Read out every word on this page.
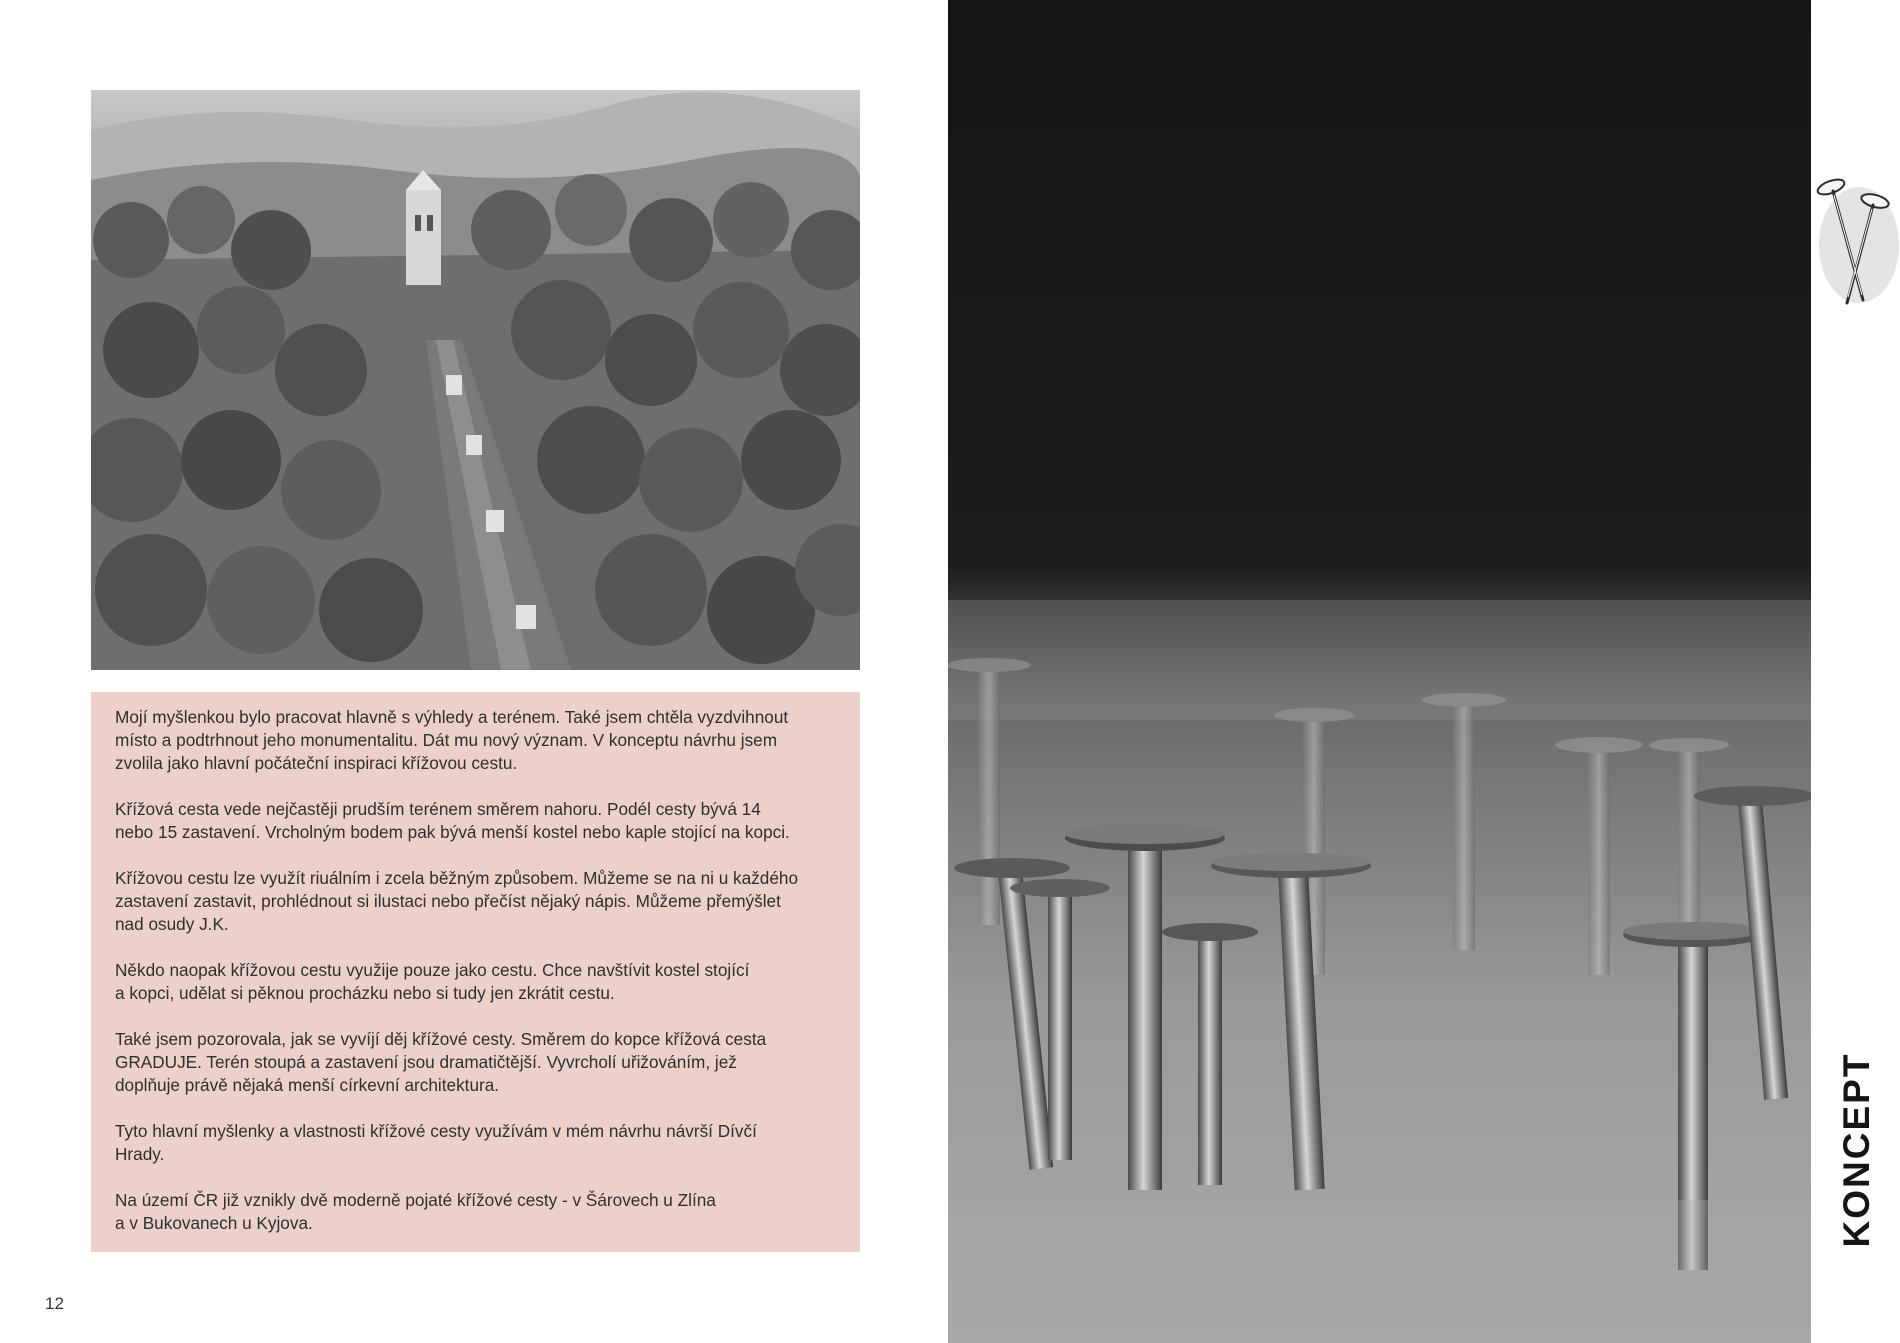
Mojí myšlenkou bylo pracovat hlavně s výhledy a terénem. Také jsem chtěla vyzdvihnout
místo a podtrhnout jeho monumentalitu. Dát mu nový význam. V konceptu návrhu jsem
zvolila jako hlavní počáteční inspiraci křížovou cestu.

Křížová cesta vede nejčastěji prudším terénem směrem nahoru. Podél cesty bývá 14
nebo 15 zastavení. Vrcholným bodem pak bývá menší kostel nebo kaple stojící na kopci.

Křížovou cestu lze využít riuálním i zcela běžným způsobem. Můžeme se na ni u každého
zastavení zastavit, prohlédnout si ilustaci nebo přečíst nějaký nápis. Můžeme přemýšlet
nad osudy J.K.

Někdo naopak křížovou cestu využije pouze jako cestu. Chce navštívit kostel stojící
a kopci, udělat si pěknou procházku nebo si tudy jen zkrátit cestu.

Také jsem pozorovala, jak se vyvíjí děj křížové cesty. Směrem do kopce křížová cesta
GRADUJE. Terén stoupá a zastavení jsou dramatičtější. Vyvrcholí uřižováním, jež
doplňuje právě nějaká menší církevní architektura.

Tyto hlavní myšlenky a vlastnosti křížové cesty využívám v mém návrhu návrší Dívčí
Hrady.

Na území ČR již vznikly dvě moderně pojaté křížové cesty - v Šárovech u Zlína
a v Bukovanech u Kyjova.

12
KONCEPT
